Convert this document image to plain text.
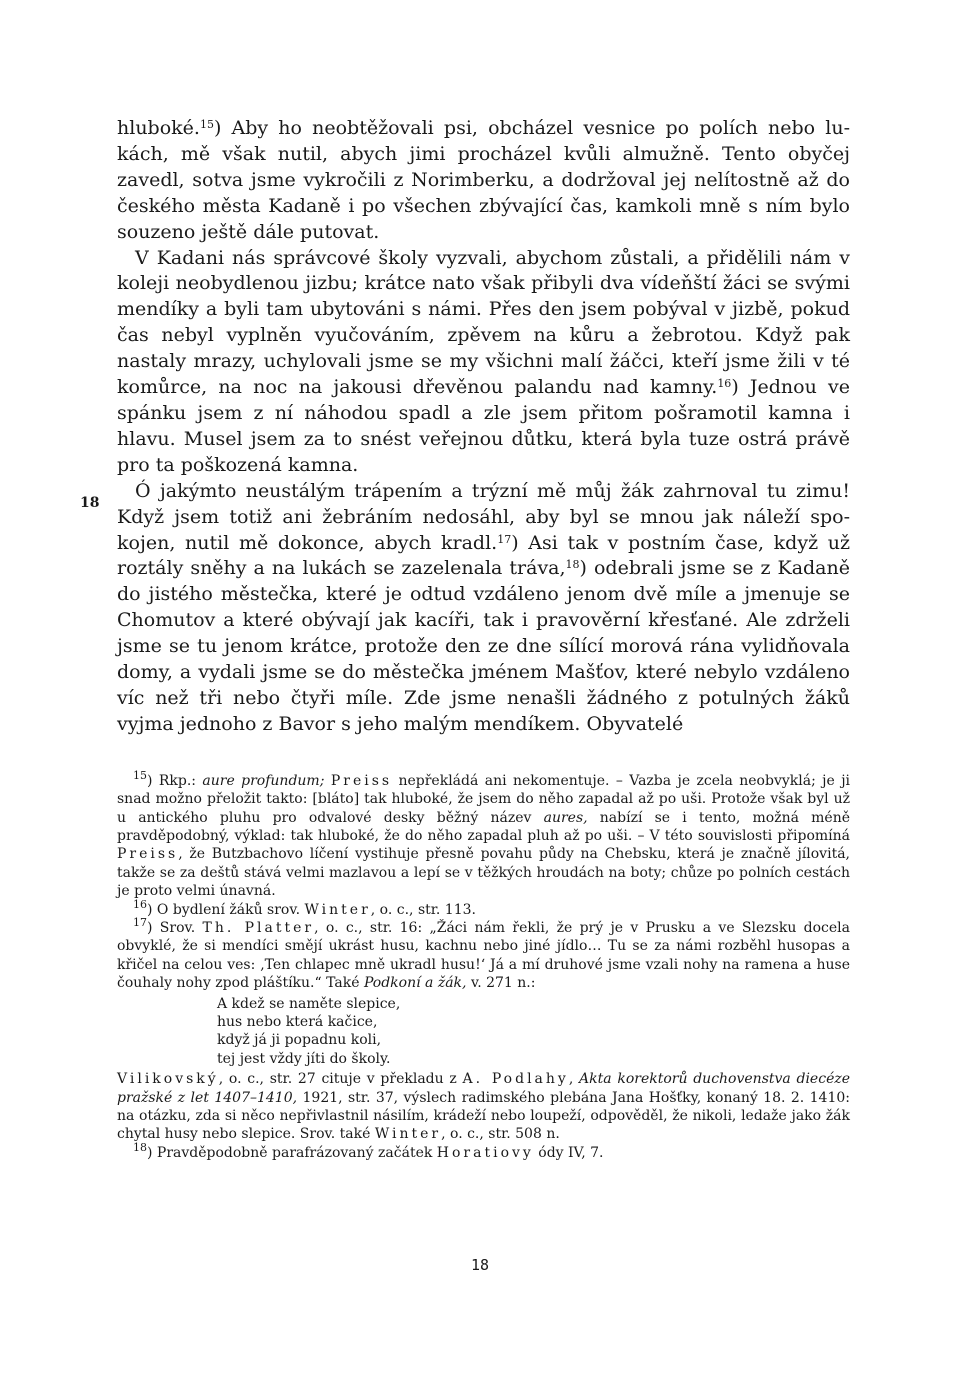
18

hluboké.$^{15}$) Aby ho neobtěžovali psi, obcházel vesnice po polích nebo lukách, mě však nutil, abych jimi procházel kvůli almužně. Tento obyčej zavedl, sotva jsme vykročili z Norimberku, a dodržoval jej nelítostně až do českého města Kadaně i po všechen zbývající čas, kamkoli mně s ním bylo souzeno ještě dále putovat.

V Kadani nás správcové školy vyzvali, abychom zůstali, a přidělili nám v koleji neobydlenou jizbu; krátce nato však přibyli dva vídeňští žáci se svými mendíky a byli tam ubytováni s námi. Přes den jsem pobýval v jizbě, pokud čas nebyl vyplněn vyučováním, zpěvem na kůru a žebrotou. Když pak nastaly mrazy, uchylovali jsme se my všichni malí žáčci, kteří jsme žili v té komůrce, na noc na jakousi dřevěnou palandu nad kamny.$^{16}$) Jednou ve spánku jsem z ní náhodou spadl a zle jsem přitom pošramotil kamna i hlavu. Musel jsem za to snést veřejnou důtku, která byla tuze ostrá právě pro ta poškozená kamna.

Ó jakýmto neustálým trápením a trýzní mě můj žák zahrnoval tu zimu! Když jsem totiž ani žebráním nedosáhl, aby byl se mnou jak náleží spokojen, nutil mě dokonce, abych kradl.$^{17}$) Asi tak v postním čase, když už roztály sněhy a na lukách se zazelenala tráva,$^{18}$) odebrali jsme se z Kadaně do jistého městečka, které je odtud vzdáleno jenom dvě míle a jmenuje se Chomutov a které obývají jak kacíři, tak i pravověrní křesťané. Ale zdrželi jsme se tu jenom krátce, protože den ze dne sílící morová rána vylidňovala domy, a vydali jsme se do městečka jménem Mašťov, které nebylo vzdáleno víc než tři nebo čtyři míle. Zde jsme nenašli žádného z potulných žáků vyjma jednoho z Bavor s jeho malým mendíkem. Obyvatelé

$^{15}$) Rkp.: aure profundum; Preiss nepřekládá ani nekomentuje. – Vazba je zcela neobvyklá; je ji snad možno přeložit takto: [bláto] tak hluboké, že jsem do něho zapadal až po uši. Protože však byl už u antického pluhu pro odvalové desky běžný název aures, nabízí se i tento, možná méně pravděpodobný, výklad: tak hluboké, že do něho zapadal pluh až po uši. – V této souvislosti připomíná Preiss, že Butzbachovo líčení vystihuje přesně povahu půdy na Chebsku, která je značně jílovitá, takže se za deštů stává velmi mazlavou a lepí se v těžkých hroudách na boty; chůze po polních cestách je proto velmi únavná.

$^{16}$) O bydlení žáků srov. Winter, o. c., str. 113.

$^{17}$) Srov. Th. Platter, o. c., str. 16: „Žáci nám řekli, že prý je v Prusku a ve Slezsku docela obvyklé, že si mendíci smějí ukrást husu, kachnu nebo jiné jídlo… Tu se za námi rozběhl husopas a křičel na celou ves: ‚Ten chlapec mně ukradl husu!‘ Já a mí druhové jsme vzali nohy na ramena a huse čouhaly nohy zpod pláštíku.“ Také Podkoní a žák, v. 271 n.:

A kdež se naměte slepice,
hus nebo která kačice,
když já ji popadnu koli,
tej jest vždy jíti do školy.

Vilikovský, o. c., str. 27 cituje v překladu z A. Podlahy, Akta korektorů duchovenstva diecéze pražské z let 1407–1410, 1921, str. 37, výslech radimského plebána Jana Hošťky, konaný 18. 2. 1410: na otázku, zda si něco nepřivlastnil násilím, krádeží nebo loupeží, odpověděl, že nikoli, ledaže jako žák chytal husy nebo slepice. Srov. také Winter, o. c., str. 508 n.

$^{18}$) Pravděpodobně parafrázovaný začátek Horatiovy ódy IV, 7.

18
